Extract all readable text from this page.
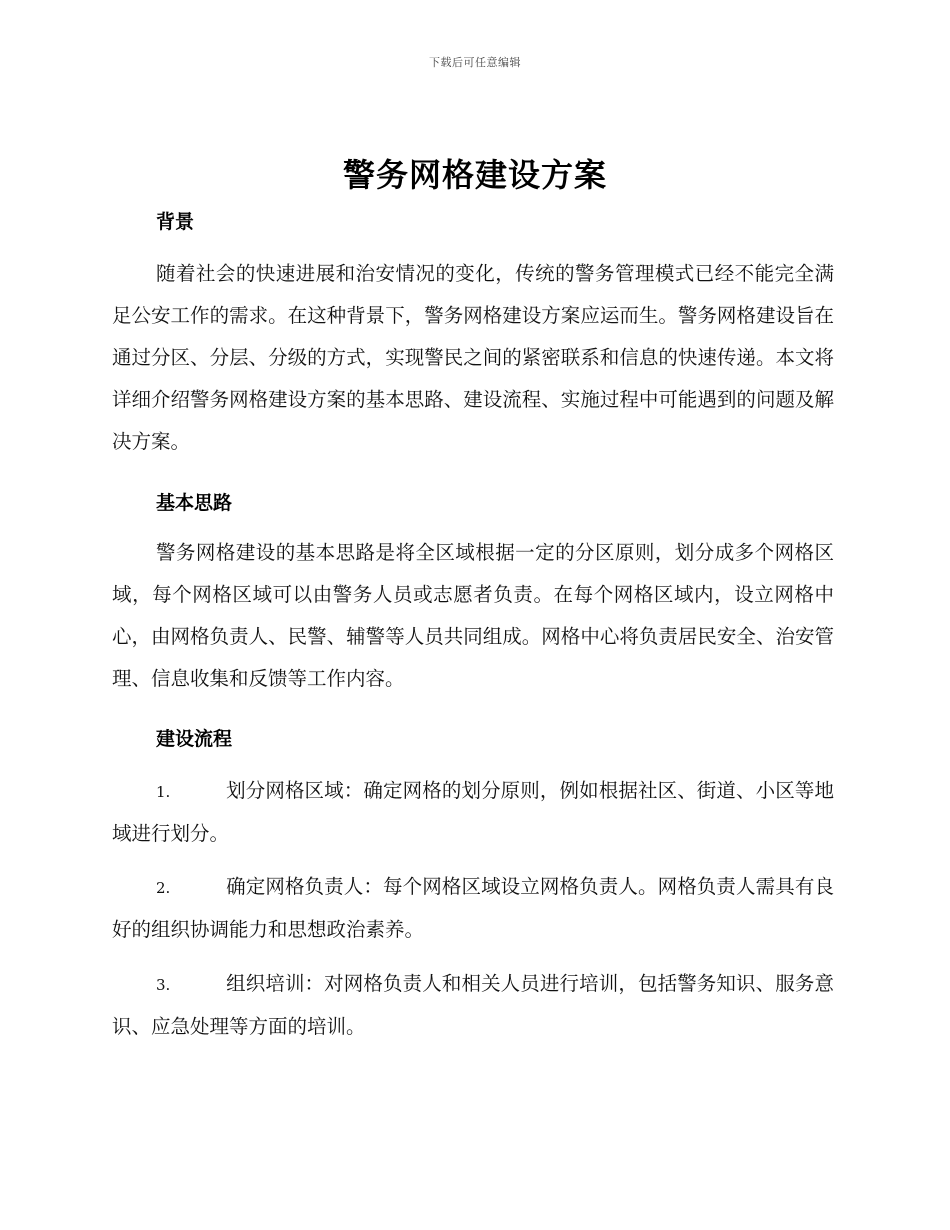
下载后可任意编辑
警务网格建设方案
背景

随着社会的快速进展和治安情况的变化，传统的警务管理模式已经不能完全满足公安工作的需求。在这种背景下，警务网格建设方案应运而生。警务网格建设旨在通过分区、分层、分级的方式，实现警民之间的紧密联系和信息的快速传递。本文将详细介绍警务网格建设方案的基本思路、建设流程、实施过程中可能遇到的问题及解决方案。

基本思路

警务网格建设的基本思路是将全区域根据一定的分区原则，划分成多个网格区域，每个网格区域可以由警务人员或志愿者负责。在每个网格区域内，设立网格中心，由网格负责人、民警、辅警等人员共同组成。网格中心将负责居民安全、治安管理、信息收集和反馈等工作内容。

建设流程

1.	划分网格区域：确定网格的划分原则，例如根据社区、街道、小区等地域进行划分。

2.	确定网格负责人：每个网格区域设立网格负责人。网格负责人需具有良好的组织协调能力和思想政治素养。

3.	组织培训：对网格负责人和相关人员进行培训，包括警务知识、服务意识、应急处理等方面的培训。
